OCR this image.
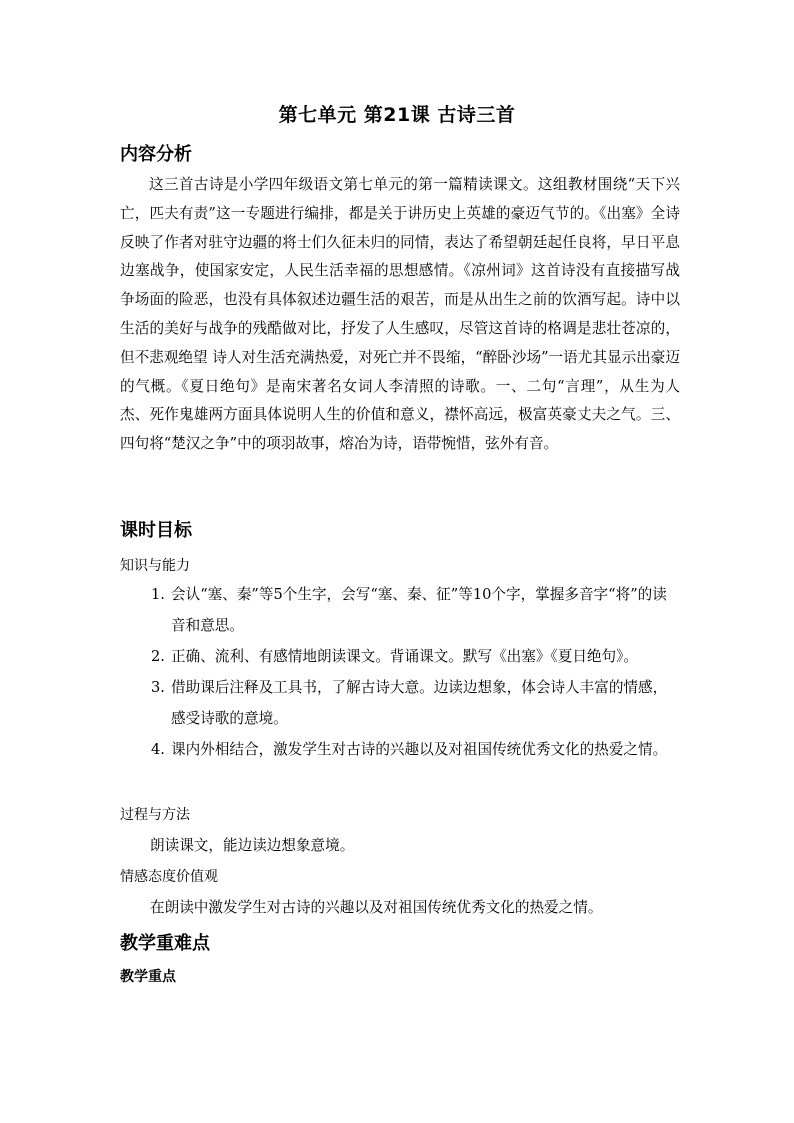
第七单元 第21课 古诗三首
内容分析
这三首古诗是小学四年级语文第七单元的第一篇精读课文。这组教材围绕“天下兴亡，匹夫有责”这一专题进行编排，都是关于讲历史上英雄的豪迈气节的。《出塞》全诗反映了作者对驻守边疆的将士们久征未归的同情，表达了希望朝廷起任良将，早日平息边塞战争，使国家安定，人民生活幸福的思想感情。《凉州词》这首诗没有直接描写战争场面的险恶，也没有具体叙述边疆生活的艰苦，而是从出生之前的饮酒写起。诗中以生活的美好与战争的残酷做对比，抒发了人生感叹，尽管这首诗的格调是悲壮苍凉的，但不悲观绝望 诗人对生活充满热爱，对死亡并不畏缩，“醉卧沙场”一语尤其显示出豪迈的气概。《夏日绝句》是南宋著名女词人李清照的诗歌。一、二句“言理”，从生为人杰、死作鬼雄两方面具体说明人生的价值和意义，襟怀高远，极富英豪丈夫之气。三、四句将“楚汉之争”中的项羽故事，熔冶为诗，语带惋惜，弦外有音。
课时目标
知识与能力
1. 会认“塞、秦”等5个生字，会写“塞、秦、征”等10个字，掌握多音字“将”的读音和意思。
2. 正确、流利、有感情地朗读课文。背诵课文。默写《出塞》《夏日绝句》。
3. 借助课后注释及工具书，了解古诗大意。边读边想象，体会诗人丰富的情感，感受诗歌的意境。
4. 课内外相结合，激发学生对古诗的兴趣以及对祖国传统优秀文化的热爱之情。
过程与方法
朗读课文，能边读边想象意境。
情感态度价值观
在朗读中激发学生对古诗的兴趣以及对祖国传统优秀文化的热爱之情。
教学重难点
教学重点
